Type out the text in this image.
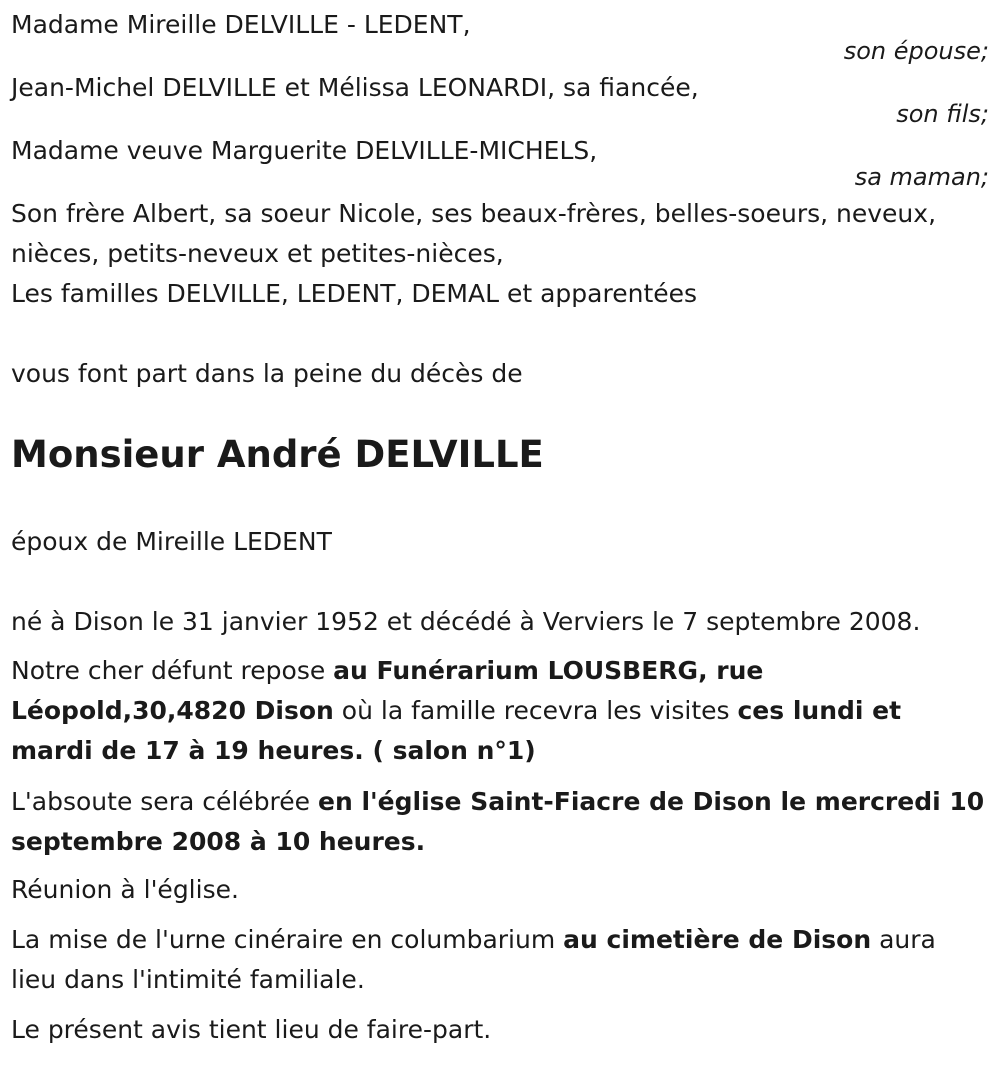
Madame Mireille DELVILLE - LEDENT,

son épouse;

Jean-Michel DELVILLE et Mélissa LEONARDI, sa fiancée,

son fils;

Madame veuve Marguerite DELVILLE-MICHELS,

sa maman;

Son frère Albert, sa soeur Nicole, ses beaux-frères, belles-soeurs, neveux,

nièces, petits-neveux et petites-nièces,

Les familles DELVILLE, LEDENT, DEMAL et apparentées

vous font part dans la peine du décès de

Monsieur André DELVILLE

époux de Mireille LEDENT

né à Dison le 31 janvier 1952 et décédé à Verviers le 7 septembre 2008.

Notre cher défunt repose au Funérarium LOUSBERG, rue
Léopold,30,4820 Dison où la famille recevra les visites ces lundi et
mardi de 17 à 19 heures. ( salon n°1)
L'absoute sera célébrée en l'église Saint-Fiacre de Dison le mercredi 10
septembre 2008 à 10 heures.

Réunion à l'église.

La mise de l'urne cinéraire en columbarium au cimetière de Dison aura
lieu dans l'intimité familiale.

Le présent avis tient lieu de faire-part.
